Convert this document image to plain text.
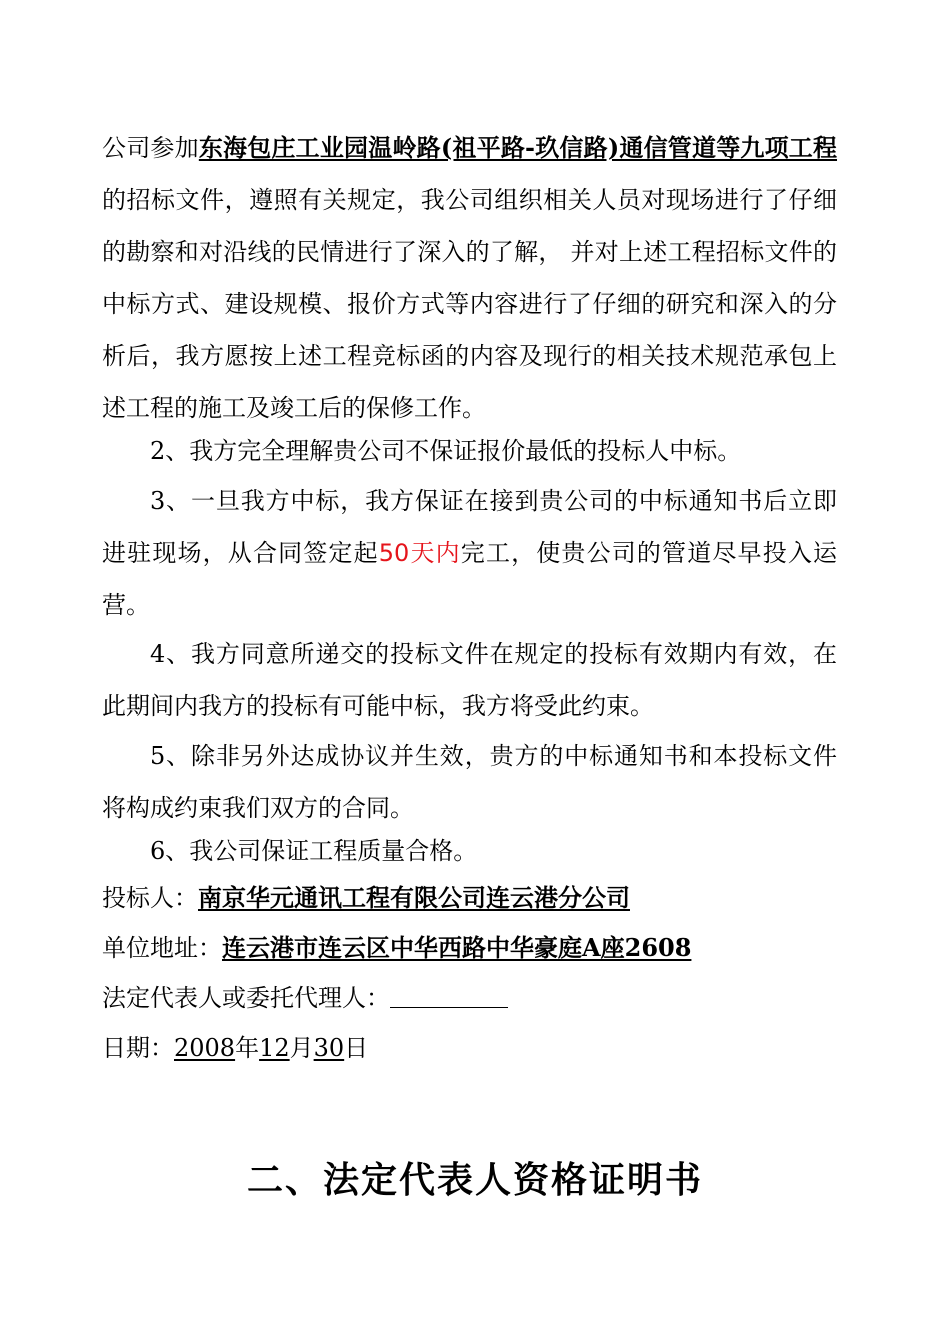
公司参加东海包庄工业园温岭路(祖平路-玖信路)通信管道等九项工程的招标文件，遵照有关规定，我公司组织相关人员对现场进行了仔细的勘察和对沿线的民情进行了深入的了解， 并对上述工程招标文件的中标方式、建设规模、报价方式等内容进行了仔细的研究和深入的分析后，我方愿按上述工程竞标函的内容及现行的相关技术规范承包上述工程的施工及竣工后的保修工作。

2、我方完全理解贵公司不保证报价最低的投标人中标。

3、一旦我方中标，我方保证在接到贵公司的中标通知书后立即进驻现场，从合同签定起50天内完工，使贵公司的管道尽早投入运营。

4、我方同意所递交的投标文件在规定的投标有效期内有效，在此期间内我方的投标有可能中标，我方将受此约束。

5、除非另外达成协议并生效，贵方的中标通知书和本投标文件将构成约束我们双方的合同。

6、我公司保证工程质量合格。

投标人：南京华元通讯工程有限公司连云港分公司
单位地址：连云港市连云区中华西路中华豪庭A座2608
法定代表人或委托代理人：
日期：2008年12月30日
二、法定代表人资格证明书
